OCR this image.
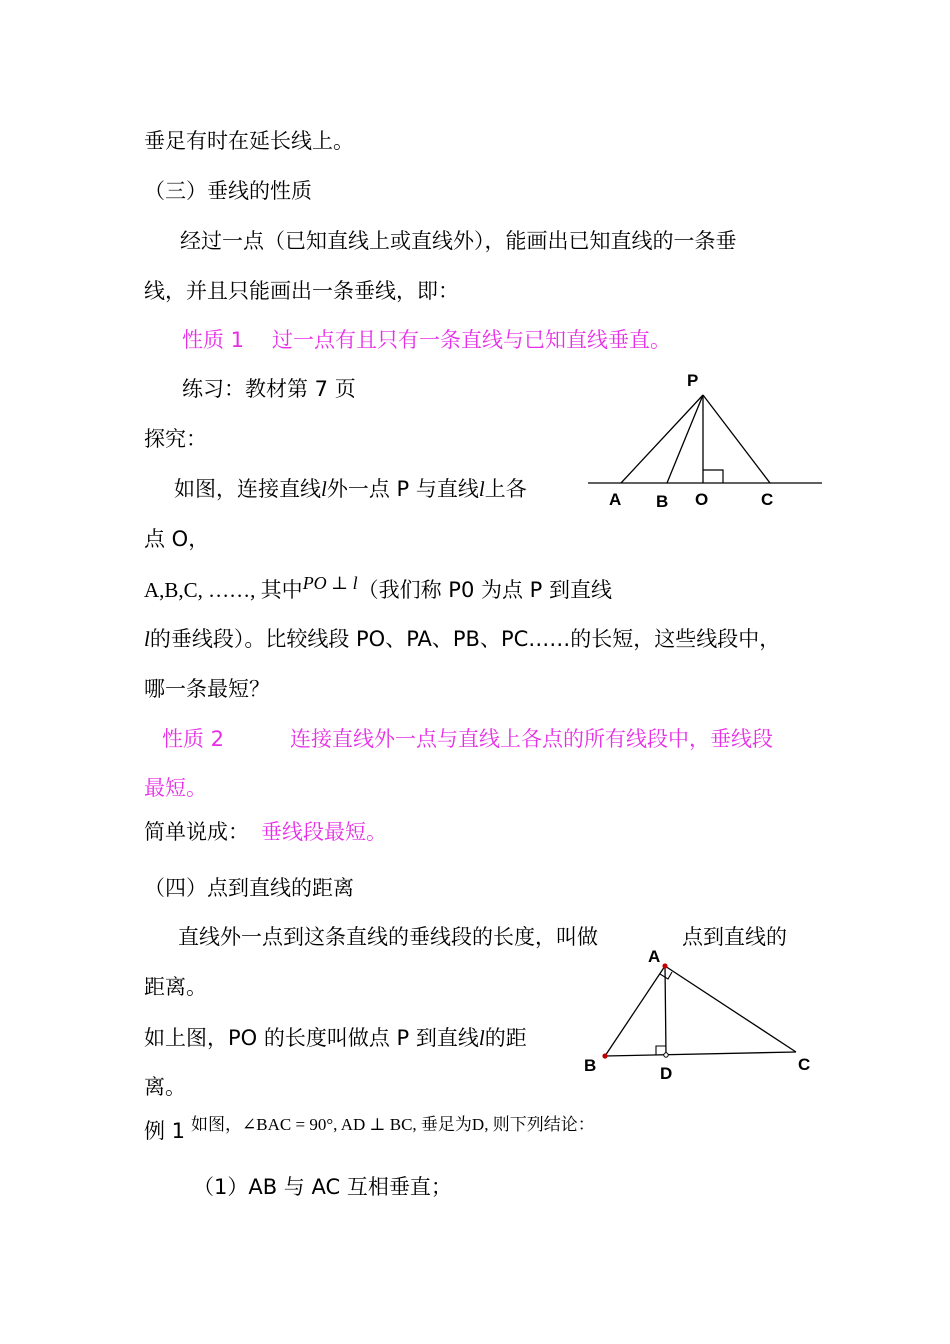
垂足有时在延长线上。
（三）垂线的性质
经过一点（已知直线上或直线外），能画出已知直线的一条垂
线，并且只能画出一条垂线，即：
性质 1 过一点有且只有一条直线与已知直线垂直。
练习：教材第 7 页
探究：
如图，连接直线l外一点 P 与直线l上各
点 O，
A,B,C, ……, 其中PO ⊥ l（我们称 P0 为点 P 到直线
l的垂线段）。比较线段 PO、PA、PB、PC……的长短，这些线段中，
哪一条最短？
性质 2	连接直线外一点与直线上各点的所有线段中，垂线段
最短。
简单说成： 垂线段最短。
（四）点到直线的距离
直线外一点到这条直线的垂线段的长度，叫做	点到直线的
距离。
如上图，PO 的长度叫做点 P 到直线l的距
离。
例 1 $^{如图,\angle BAC = 90^\circ, AD \perp BC, 垂足为D, 则下列结论:}$
（1）AB 与 AC 互相垂直；
P
A B O	C
A
B	D	C
